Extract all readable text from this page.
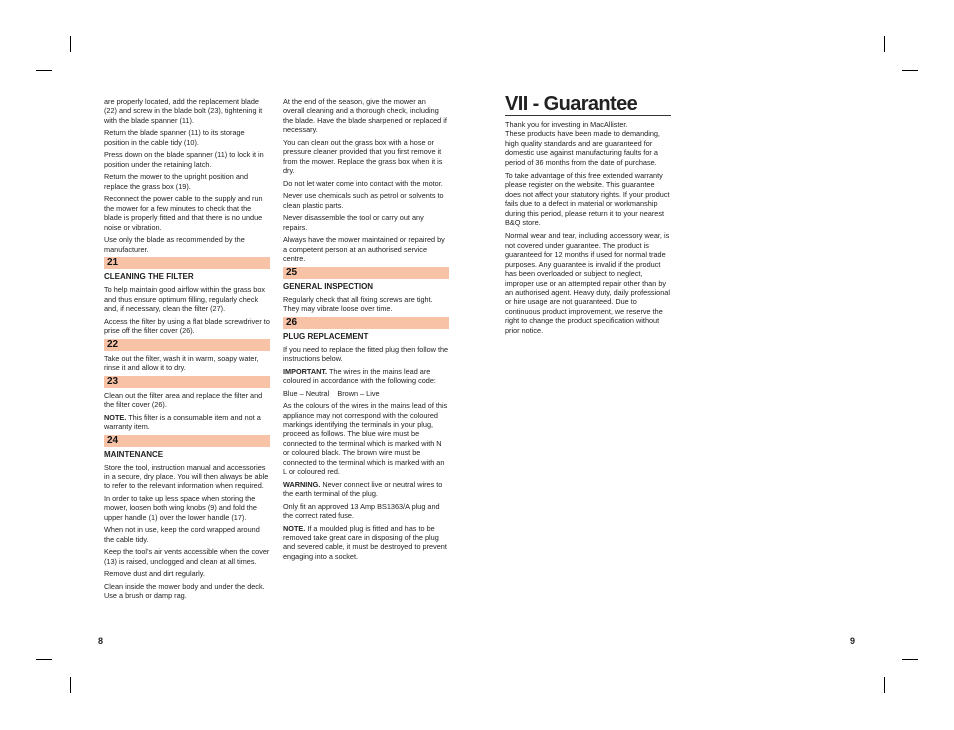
are properly located, add the replacement blade (22) and screw in the blade bolt (23), tightening it with the blade spanner (11).

Return the blade spanner (11) to its storage position in the cable tidy (10).

Press down on the blade spanner (11) to lock it in position under the retaining latch.

Return the mower to the upright position and replace the grass box (19).

Reconnect the power cable to the supply and run the mower for a few minutes to check that the blade is properly fitted and that there is no undue noise or vibration.

Use only the blade as recommended by the manufacturer.

21
CLEANING THE FILTER

To help maintain good airflow within the grass box and thus ensure optimum filling, regularly check and, if necessary, clean the filter (27).

Access the filter by using a flat blade screwdriver to prise off the filter cover (26).

22

Take out the filter, wash it in warm, soapy water, rinse it and allow it to dry.

23

Clean out the filter area and replace the filter and the filter cover (26).

NOTE. This filter is a consumable item and not a warranty item.

24
MAINTENANCE

Store the tool, instruction manual and accessories in a secure, dry place. You will then always be able to refer to the relevant information when required.

In order to take up less space when storing the mower, loosen both wing knobs (9) and fold the upper handle (1) over the lower handle (17).

When not in use, keep the cord wrapped around the cable tidy.

Keep the tool’s air vents accessible when the cover (13) is raised, unclogged and clean at all times.

Remove dust and dirt regularly.

Clean inside the mower body and under the deck. Use a brush or damp rag.

At the end of the season, give the mower an overall cleaning and a thorough check, including the blade. Have the blade sharpened or replaced if necessary.

You can clean out the grass box with a hose or pressure cleaner provided that you first remove it from the mower. Replace the grass box when it is dry.

Do not let water come into contact with the motor.

Never use chemicals such as petrol or solvents to clean plastic parts.

Never disassemble the tool or carry out any repairs.

Always have the mower maintained or repaired by a competent person at an authorised service centre.

25
GENERAL INSPECTION

Regularly check that all fixing screws are tight. They may vibrate loose over time.

26
PLUG REPLACEMENT

If you need to replace the fitted plug then follow the instructions below.

IMPORTANT. The wires in the mains lead are coloured in accordance with the following code:

Blue – Neutral    Brown – Live

As the colours of the wires in the mains lead of this appliance may not correspond with the coloured markings identifying the terminals in your plug, proceed as follows. The blue wire must be connected to the terminal which is marked with N or coloured black. The brown wire must be connected to the terminal which is marked with an L or coloured red.

WARNING. Never connect live or neutral wires to the earth terminal of the plug.

Only fit an approved 13 Amp BS1363/A plug and the correct rated fuse.

NOTE. If a moulded plug is fitted and has to be removed take great care in disposing of the plug and severed cable, it must be destroyed to prevent engaging into a socket.

VII - Guarantee

Thank you for investing in MacAllister.
These products have been made to demanding, high quality standards and are guaranteed for domestic use against manufacturing faults for a period of 36 months from the date of purchase.

To take advantage of this free extended warranty please register on the website. This guarantee does not affect your statutory rights. If your product fails due to a defect in material or workmanship during this period, please return it to your nearest B&Q store.

Normal wear and tear, including accessory wear, is not covered under guarantee. The product is guaranteed for 12 months if used for normal trade purposes. Any guarantee is invalid if the product has been overloaded or subject to neglect, improper use or an attempted repair other than by an authorised agent. Heavy duty, daily professional or hire usage are not guaranteed. Due to continuous product improvement, we reserve the right to change the product specification without prior notice.

8	9
